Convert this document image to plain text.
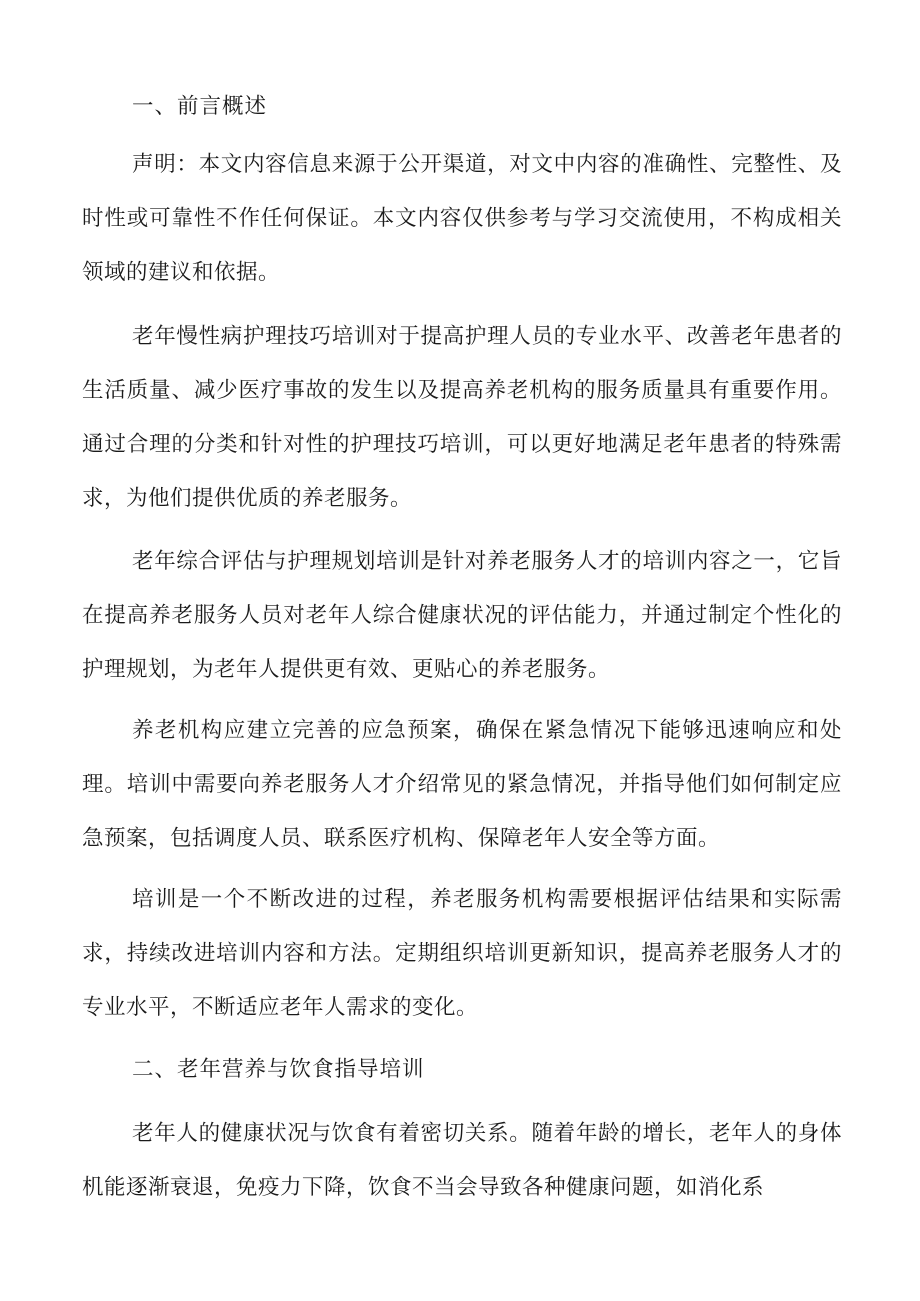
一、前言概述

声明：本文内容信息来源于公开渠道，对文中内容的准确性、完整性、及时性或可靠性不作任何保证。本文内容仅供参考与学习交流使用，不构成相关领域的建议和依据。

老年慢性病护理技巧培训对于提高护理人员的专业水平、改善老年患者的生活质量、减少医疗事故的发生以及提高养老机构的服务质量具有重要作用。通过合理的分类和针对性的护理技巧培训，可以更好地满足老年患者的特殊需求，为他们提供优质的养老服务。

老年综合评估与护理规划培训是针对养老服务人才的培训内容之一，它旨在提高养老服务人员对老年人综合健康状况的评估能力，并通过制定个性化的护理规划，为老年人提供更有效、更贴心的养老服务。

养老机构应建立完善的应急预案，确保在紧急情况下能够迅速响应和处理。培训中需要向养老服务人才介绍常见的紧急情况，并指导他们如何制定应急预案，包括调度人员、联系医疗机构、保障老年人安全等方面。

培训是一个不断改进的过程，养老服务机构需要根据评估结果和实际需求，持续改进培训内容和方法。定期组织培训更新知识，提高养老服务人才的专业水平，不断适应老年人需求的变化。

二、老年营养与饮食指导培训

老年人的健康状况与饮食有着密切关系。随着年龄的增长，老年人的身体机能逐渐衰退，免疫力下降，饮食不当会导致各种健康问题，如消化系
